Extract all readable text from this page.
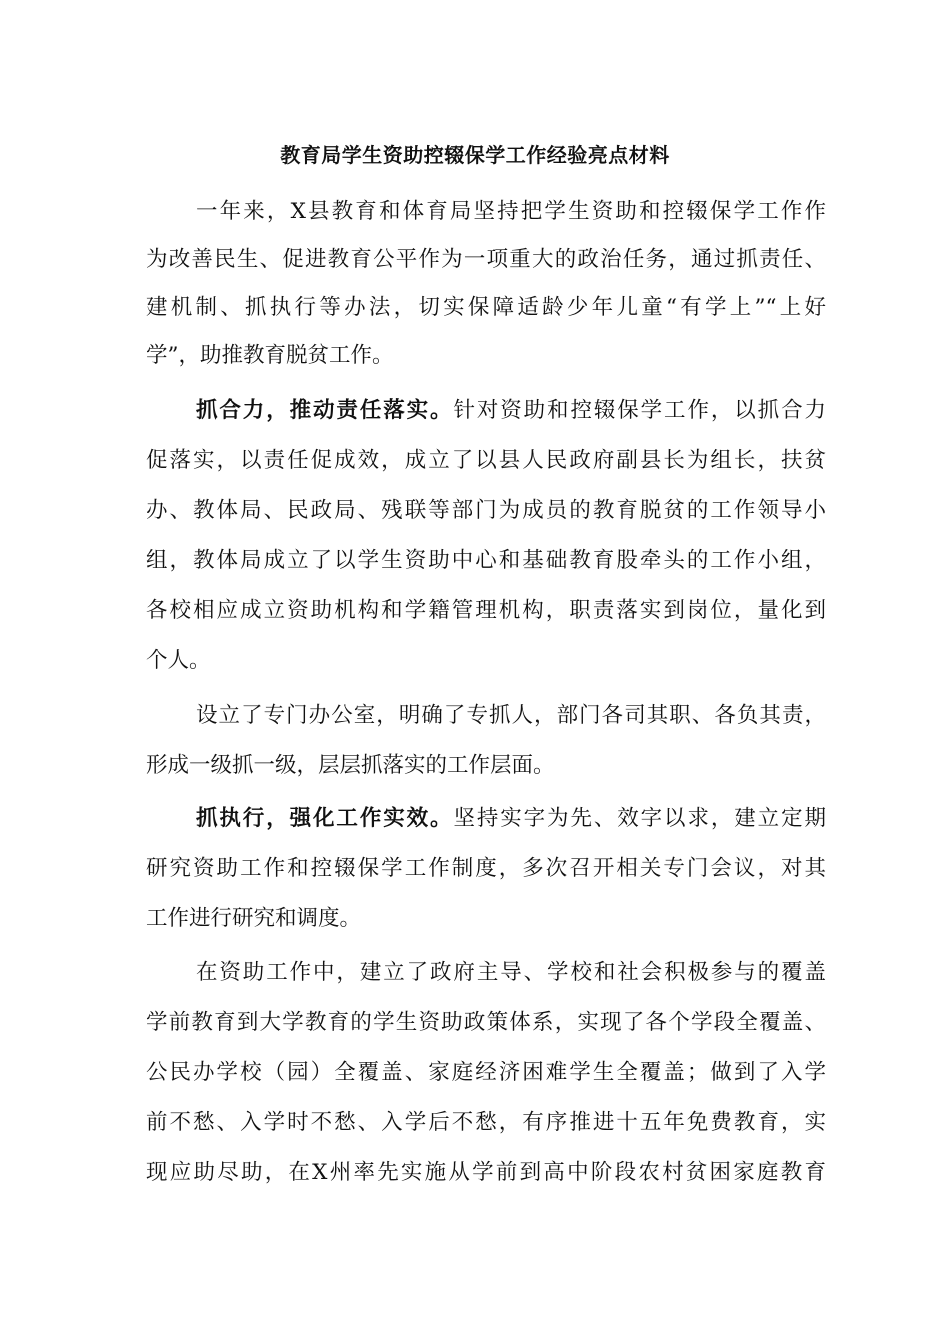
教育局学生资助控辍保学工作经验亮点材料
一年来，X县教育和体育局坚持把学生资助和控辍保学工作作
为改善民生、促进教育公平作为一项重大的政治任务，通过抓责任、
建机制、抓执行等办法，切实保障适龄少年儿童“有学上”“上好
学”，助推教育脱贫工作。
抓合力，推动责任落实。针对资助和控辍保学工作，以抓合力
促落实，以责任促成效，成立了以县人民政府副县长为组长，扶贫
办、教体局、民政局、残联等部门为成员的教育脱贫的工作领导小
组，教体局成立了以学生资助中心和基础教育股牵头的工作小组，
各校相应成立资助机构和学籍管理机构，职责落实到岗位，量化到
个人。
设立了专门办公室，明确了专抓人，部门各司其职、各负其责，
形成一级抓一级，层层抓落实的工作层面。
抓执行，强化工作实效。坚持实字为先、效字以求，建立定期
研究资助工作和控辍保学工作制度，多次召开相关专门会议，对其
工作进行研究和调度。
在资助工作中，建立了政府主导、学校和社会积极参与的覆盖
学前教育到大学教育的学生资助政策体系，实现了各个学段全覆盖、
公民办学校（园）全覆盖、家庭经济困难学生全覆盖；做到了入学
前不愁、入学时不愁、入学后不愁，有序推进十五年免费教育，实
现应助尽助，在X州率先实施从学前到高中阶段农村贫困家庭教育
